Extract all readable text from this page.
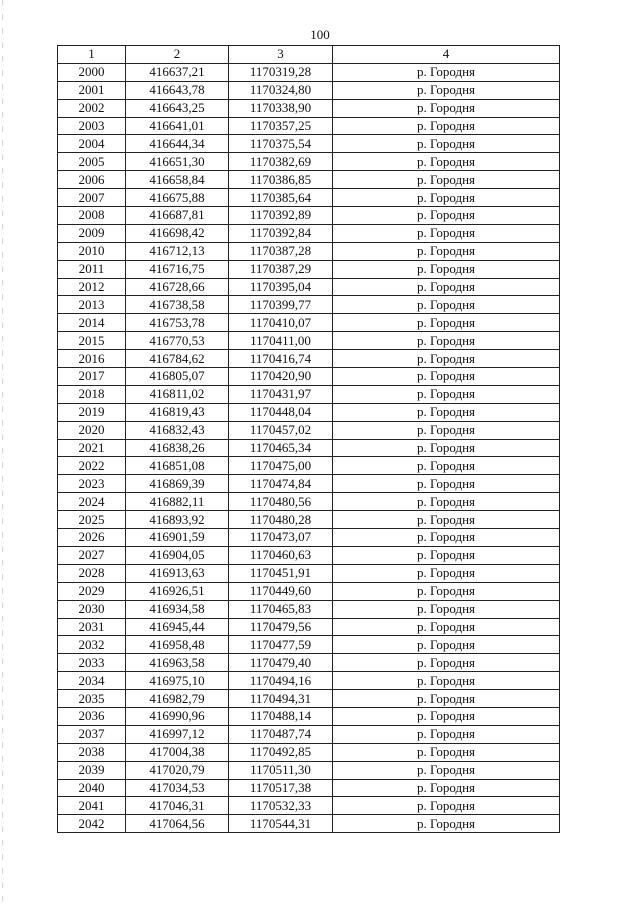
100
1	2	3	4
2000	416637,21	1170319,28	р. Городня
2001	416643,78	1170324,80	р. Городня
2002	416643,25	1170338,90	р. Городня
2003	416641,01	1170357,25	р. Городня
2004	416644,34	1170375,54	р. Городня
2005	416651,30	1170382,69	р. Городня
2006	416658,84	1170386,85	р. Городня
2007	416675,88	1170385,64	р. Городня
2008	416687,81	1170392,89	р. Городня
2009	416698,42	1170392,84	р. Городня
2010	416712,13	1170387,28	р. Городня
2011	416716,75	1170387,29	р. Городня
2012	416728,66	1170395,04	р. Городня
2013	416738,58	1170399,77	р. Городня
2014	416753,78	1170410,07	р. Городня
2015	416770,53	1170411,00	р. Городня
2016	416784,62	1170416,74	р. Городня
2017	416805,07	1170420,90	р. Городня
2018	416811,02	1170431,97	р. Городня
2019	416819,43	1170448,04	р. Городня
2020	416832,43	1170457,02	р. Городня
2021	416838,26	1170465,34	р. Городня
2022	416851,08	1170475,00	р. Городня
2023	416869,39	1170474,84	р. Городня
2024	416882,11	1170480,56	р. Городня
2025	416893,92	1170480,28	р. Городня
2026	416901,59	1170473,07	р. Городня
2027	416904,05	1170460,63	р. Городня
2028	416913,63	1170451,91	р. Городня
2029	416926,51	1170449,60	р. Городня
2030	416934,58	1170465,83	р. Городня
2031	416945,44	1170479,56	р. Городня
2032	416958,48	1170477,59	р. Городня
2033	416963,58	1170479,40	р. Городня
2034	416975,10	1170494,16	р. Городня
2035	416982,79	1170494,31	р. Городня
2036	416990,96	1170488,14	р. Городня
2037	416997,12	1170487,74	р. Городня
2038	417004,38	1170492,85	р. Городня
2039	417020,79	1170511,30	р. Городня
2040	417034,53	1170517,38	р. Городня
2041	417046,31	1170532,33	р. Городня
2042	417064,56	1170544,31	р. Городня
